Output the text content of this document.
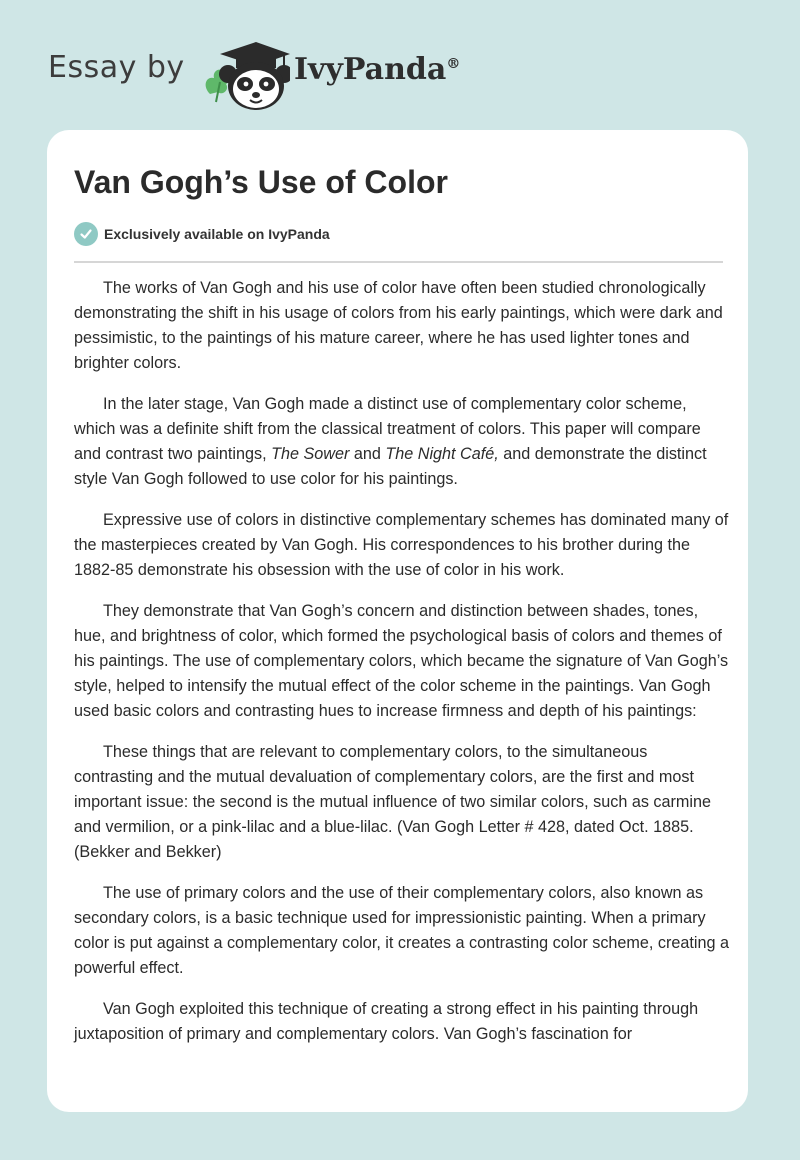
Essay by	IvyPanda®
Van Gogh’s Use of Color
Exclusively available on IvyPanda

The works of Van Gogh and his use of color have often been studied chronologically demonstrating the shift in his usage of colors from his early paintings, which were dark and pessimistic, to the paintings of his mature career, where he has used lighter tones and brighter colors.

In the later stage, Van Gogh made a distinct use of complementary color scheme, which was a definite shift from the classical treatment of colors. This paper will compare and contrast two paintings, The Sower and The Night Café, and demonstrate the distinct style Van Gogh followed to use color for his paintings.

Expressive use of colors in distinctive complementary schemes has dominated many of the masterpieces created by Van Gogh. His correspondences to his brother during the 1882-85 demonstrate his obsession with the use of color in his work.

They demonstrate that Van Gogh’s concern and distinction between shades, tones, hue, and brightness of color, which formed the psychological basis of colors and themes of his paintings. The use of complementary colors, which became the signature of Van Gogh’s style, helped to intensify the mutual effect of the color scheme in the paintings. Van Gogh used basic colors and contrasting hues to increase firmness and depth of his paintings:

These things that are relevant to complementary colors, to the simultaneous contrasting and the mutual devaluation of complementary colors, are the first and most important issue: the second is the mutual influence of two similar colors, such as carmine and vermilion, or a pink-lilac and a blue-lilac. (Van Gogh Letter # 428, dated Oct. 1885. (Bekker and Bekker)

The use of primary colors and the use of their complementary colors, also known as secondary colors, is a basic technique used for impressionistic painting. When a primary color is put against a complementary color, it creates a contrasting color scheme, creating a powerful effect.

Van Gogh exploited this technique of creating a strong effect in his painting through juxtaposition of primary and complementary colors. Van Gogh’s fascination for
